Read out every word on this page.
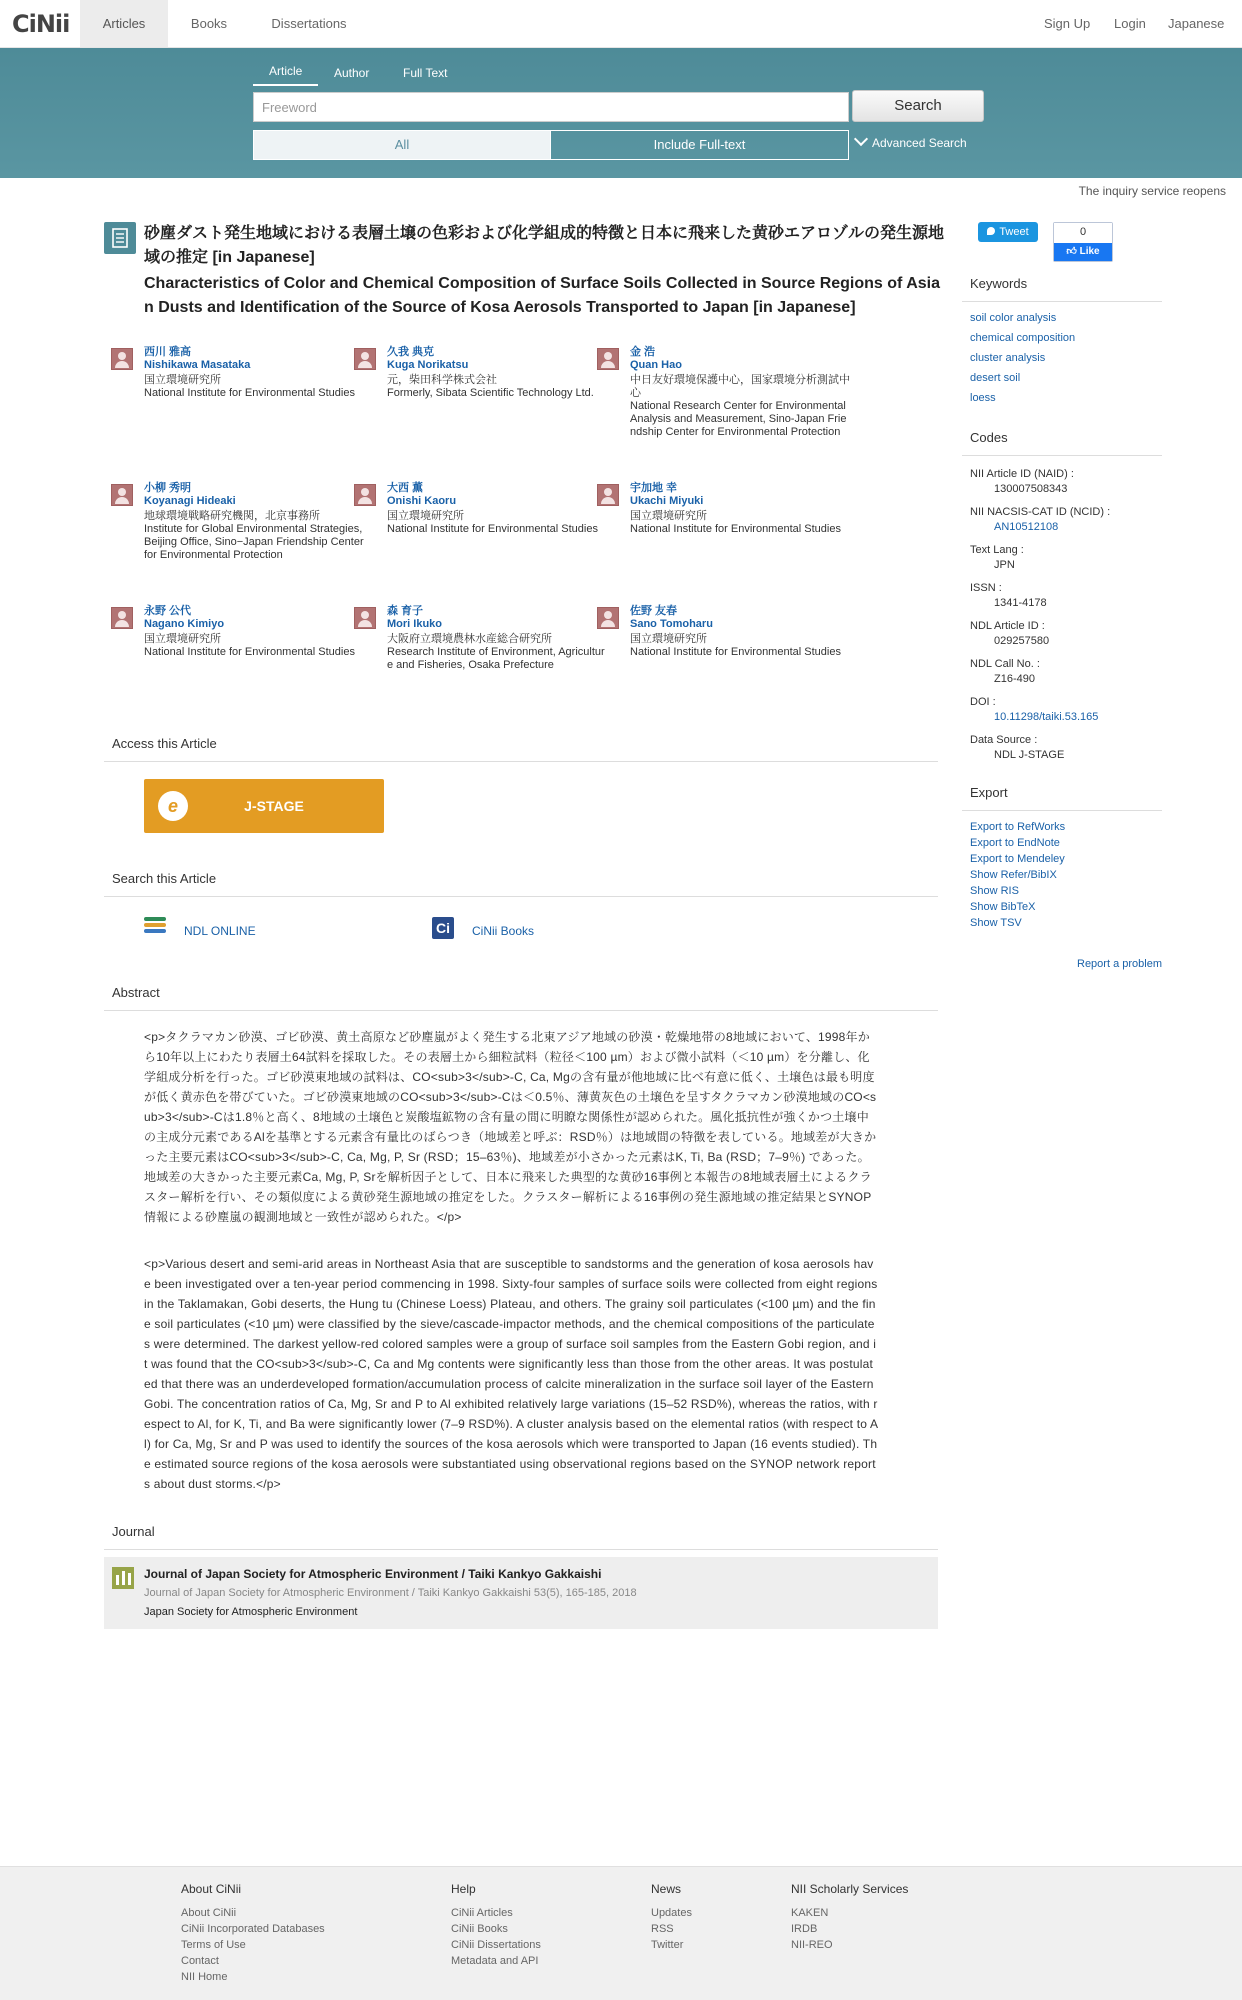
CiNii	Articles	Books	Dissertations	Sign Up Login Japanese
Article	Author	Full Text
Freeword	Search
All	Include Full-text	Advanced Search
The inquiry service reopens
砂塵ダスト発生地域における表層土壌の色彩および化学組成的特徴と日本に飛来した黄砂エアロゾルの発生源地域の推定 [in Japanese]
Characteristics of Color and Chemical Composition of Surface Soils Collected in Source Regions of Asian Dusts and Identification of the Source of Kosa Aerosols Transported to Japan [in Japanese]
西川 雅高
Nishikawa Masataka
国立環境研究所
National Institute for Environmental Studies
久我 典克
Kuga Norikatsu
元，柴田科学株式会社
Formerly, Sibata Scientific Technology Ltd.
金 浩
Quan Hao
中日友好環境保護中心，国家環境分析測試中心
National Research Center for Environmental Analysis and Measurement, Sino-Japan Friendship Center for Environmental Protection
小柳 秀明
Koyanagi Hideaki
地球環境戦略研究機関，北京事務所
Institute for Global Environmental Strategies, Beijing Office, Sino−Japan Friendship Center for Environmental Protection
大西 薫
Onishi Kaoru
国立環境研究所
National Institute for Environmental Studies
宇加地 幸
Ukachi Miyuki
国立環境研究所
National Institute for Environmental Studies
永野 公代
Nagano Kimiyo
国立環境研究所
National Institute for Environmental Studies
森 育子
Mori Ikuko
大阪府立環境農林水産総合研究所
Research Institute of Environment, Agriculture and Fisheries, Osaka Prefecture
佐野 友春
Sano Tomoharu
国立環境研究所
National Institute for Environmental Studies
Access this Article
e	J-STAGE
Search this Article
NDL ONLINE	Ci	CiNii Books
Abstract
<p>タクラマカン砂漠、ゴビ砂漠、黄土高原など砂塵嵐がよく発生する北東アジア地域の砂漠・乾燥地帯の8地域において、1998年から10年以上にわたり表層土64試料を採取した。その表層土から細粒試料（粒径＜100 µm）および微小試料（＜10 µm）を分離し、化学組成分析を行った。ゴビ砂漠東地域の試料は、CO<sub>3</sub>-C, Ca, Mgの含有量が他地域に比べ有意に低く、土壌色は最も明度が低く黄赤色を帯びていた。ゴビ砂漠東地域のCO<sub>3</sub>-Cは＜0.5％、薄黄灰色の土壌色を呈すタクラマカン砂漠地域のCO<sub>3</sub>-Cは1.8％と高く、8地域の土壌色と炭酸塩鉱物の含有量の間に明瞭な関係性が認められた。風化抵抗性が強くかつ土壌中の主成分元素であるAlを基準とする元素含有量比のばらつき（地域差と呼ぶ：RSD％）は地域間の特徴を表している。地域差が大きかった主要元素はCO<sub>3</sub>-C, Ca, Mg, P, Sr (RSD；15–63％)、地域差が小さかった元素はK, Ti, Ba (RSD；7–9％) であった。地域差の大きかった主要元素Ca, Mg, P, Srを解析因子として、日本に飛来した典型的な黄砂16事例と本報告の8地域表層土によるクラスター解析を行い、その類似度による黄砂発生源地域の推定をした。クラスター解析による16事例の発生源地域の推定結果とSYNOP情報による砂塵嵐の観測地域と一致性が認められた。</p>
<p>Various desert and semi-arid areas in Northeast Asia that are susceptible to sandstorms and the generation of kosa aerosols have been investigated over a ten-year period commencing in 1998. Sixty-four samples of surface soils were collected from eight regions in the Taklamakan, Gobi deserts, the Hung tu (Chinese Loess) Plateau, and others. The grainy soil particulates (<100 µm) and the fine soil particulates (<10 µm) were classified by the sieve/cascade-impactor methods, and the chemical compositions of the particulates were determined. The darkest yellow-red colored samples were a group of surface soil samples from the Eastern Gobi region, and it was found that the CO<sub>3</sub>-C, Ca and Mg contents were significantly less than those from the other areas. It was postulated that there was an underdeveloped formation/accumulation process of calcite mineralization in the surface soil layer of the Eastern Gobi. The concentration ratios of Ca, Mg, Sr and P to Al exhibited relatively large variations (15–52 RSD%), whereas the ratios, with respect to Al, for K, Ti, and Ba were significantly lower (7–9 RSD%). A cluster analysis based on the elemental ratios (with respect to Al) for Ca, Mg, Sr and P was used to identify the sources of the kosa aerosols which were transported to Japan (16 events studied). The estimated source regions of the kosa aerosols were substantiated using observational regions based on the SYNOP network reports about dust storms.</p>
Journal
Journal of Japan Society for Atmospheric Environment / Taiki Kankyo Gakkaishi
Journal of Japan Society for Atmospheric Environment / Taiki Kankyo Gakkaishi 53(5), 165-185, 2018
Japan Society for Atmospheric Environment
Tweet	0
👍︎ Like
Keywords
soil color analysis
chemical composition
cluster analysis
desert soil
loess
Codes
NII Article ID (NAID) :
130007508343
NII NACSIS-CAT ID (NCID) :
AN10512108
Text Lang :
JPN
ISSN :
1341-4178
NDL Article ID :
029257580
NDL Call No. :
Z16-490
DOI :
10.11298/taiki.53.165
Data Source :
NDL J-STAGE
Export
Export to RefWorks
Export to EndNote
Export to Mendeley
Show Refer/BibIX
Show RIS
Show BibTeX
Show TSV
Report a problem
About CiNii
About CiNii
CiNii Incorporated Databases
Terms of Use
Contact
NII Home
Help
CiNii Articles
CiNii Books
CiNii Dissertations
Metadata and API
News
Updates
RSS
Twitter
NII Scholarly Services
KAKEN
IRDB
NII-REO
